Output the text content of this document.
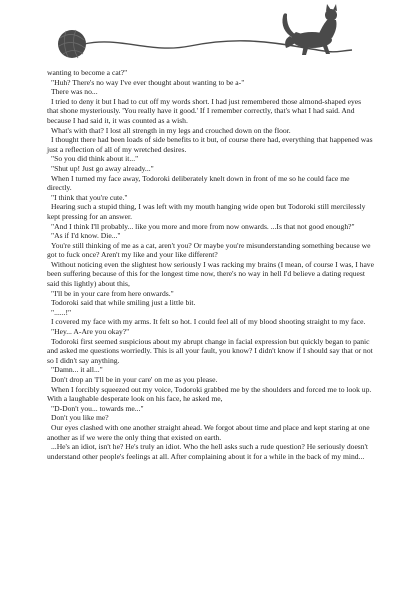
wanting to become a cat?"

"Huh? There's no way I've ever thought about wanting to be a-"

There was no...

I tried to deny it but I had to cut off my words short. I had just remembered those almond-shaped eyes that shone mysteriously. 'You really have it good.' If I remember correctly, that's what I had said. And because I had said it, it was counted as a wish.

What's with that? I lost all strength in my legs and crouched down on the floor.

I thought there had been loads of side benefits to it but, of course there had, everything that happened was just a reflection of all of my wretched desires.

"So you did think about it..."

"Shut up! Just go away already..."

When I turned my face away, Todoroki deliberately knelt down in front of me so he could face me directly.

"I think that you're cute."

Hearing such a stupid thing, I was left with my mouth hanging wide open but Todoroki still mercilessly kept pressing for an answer.

"And I think I'll probably... like you more and more from now onwards. ...Is that not good enough?"

"As if I'd know. Die..."

You're still thinking of me as a cat, aren't you? Or maybe you're misunderstanding something because we got to fuck once? Aren't my like and your like different?

Without noticing even the slightest how seriously I was racking my brains (I mean, of course I was, I have been suffering because of this for the longest time now, there's no way in hell I'd believe a dating request said this lightly) about this,

"I'll be in your care from here onwards."

Todoroki said that while smiling just a little bit.

"......!"

I covered my face with my arms. It felt so hot. I could feel all of my blood shooting straight to my face.

"Hey... A-Are you okay?"

Todoroki first seemed suspicious about my abrupt change in facial expression but quickly began to panic and asked me questions worriedly. This is all your fault, you know? I didn't know if I should say that or not so I didn't say anything.

"Damn... it all..."

Don't drop an 'I'll be in your care' on me as you please.

When I forcibly squeezed out my voice, Todoroki grabbed me by the shoulders and forced me to look up. With a laughable desperate look on his face, he asked me,

"D-Don't you... towards me..."

Don't you like me?

Our eyes clashed with one another straight ahead. We forgot about time and place and kept staring at one another as if we were the only thing that existed on earth.

...He's an idiot, isn't he? He's truly an idiot. Who the hell asks such a rude question? He seriously doesn't understand other people's feelings at all. After complaining about it for a while in the back of my mind...
